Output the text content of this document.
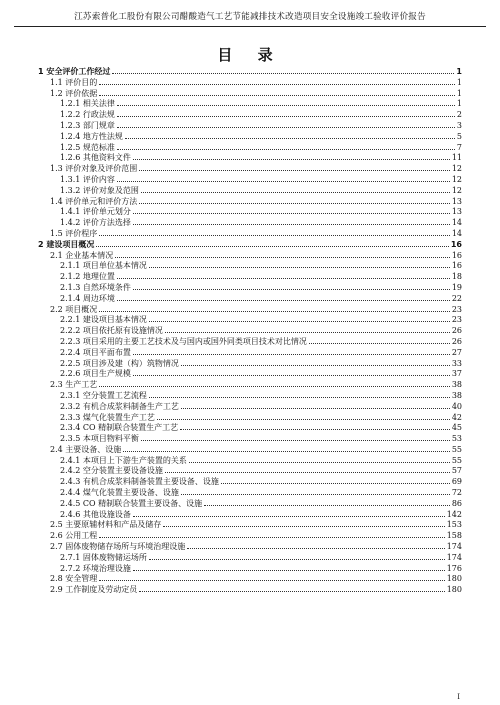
江苏索普化工股份有限公司醋酸造气工艺节能减排技术改造项目安全设施竣工验收评价报告
目 录
1 安全评价工作经过	1
1.1 评价目的	1
1.2 评价依据	1
1.2.1 相关法律	1
1.2.2 行政法规	2
1.2.3 部门规章	3
1.2.4 地方性法规	5
1.2.5 规范标准	7
1.2.6 其他资料文件	11
1.3 评价对象及评价范围	12
1.3.1 评价内容	12
1.3.2 评价对象及范围	12
1.4 评价单元和评价方法	13
1.4.1 评价单元划分	13
1.4.2 评价方法选择	14
1.5 评价程序	14
2 建设项目概况	16
2.1 企业基本情况	16
2.1.1 项目单位基本情况	16
2.1.2 地理位置	18
2.1.3 自然环境条件	19
2.1.4 周边环境	22
2.2 项目概况	23
2.2.1 建设项目基本情况	23
2.2.2 项目依托原有设施情况	26
2.2.3 项目采用的主要工艺技术及与国内或国外同类项目技术对比情况	26
2.2.4 项目平面布置	27
2.2.5 项目涉及建（构）筑物情况	33
2.2.6 项目生产规模	37
2.3 生产工艺	38
2.3.1 空分装置工艺流程	38
2.3.2 有机合成浆料制备生产工艺	40
2.3.3 煤气化装置生产工艺	42
2.3.4 CO 精制联合装置生产工艺	45
2.3.5 本项目物料平衡	53
2.4 主要设备、设施	55
2.4.1 本项目上下游生产装置的关系	55
2.4.2 空分装置主要设备设施	57
2.4.3 有机合成浆料制备装置主要设备、设施	69
2.4.4 煤气化装置主要设备、设施	72
2.4.5 CO 精制联合装置主要设备、设施	86
2.4.6 其他设施设备	142
2.5 主要原辅材料和产品及储存	153
2.6 公用工程	158
2.7 固体废物储存场所与环境治理设施	174
2.7.1 固体废物储运场所	174
2.7.2 环境治理设施	176
2.8 安全管理	180
2.9 工作制度及劳动定员	180
I
